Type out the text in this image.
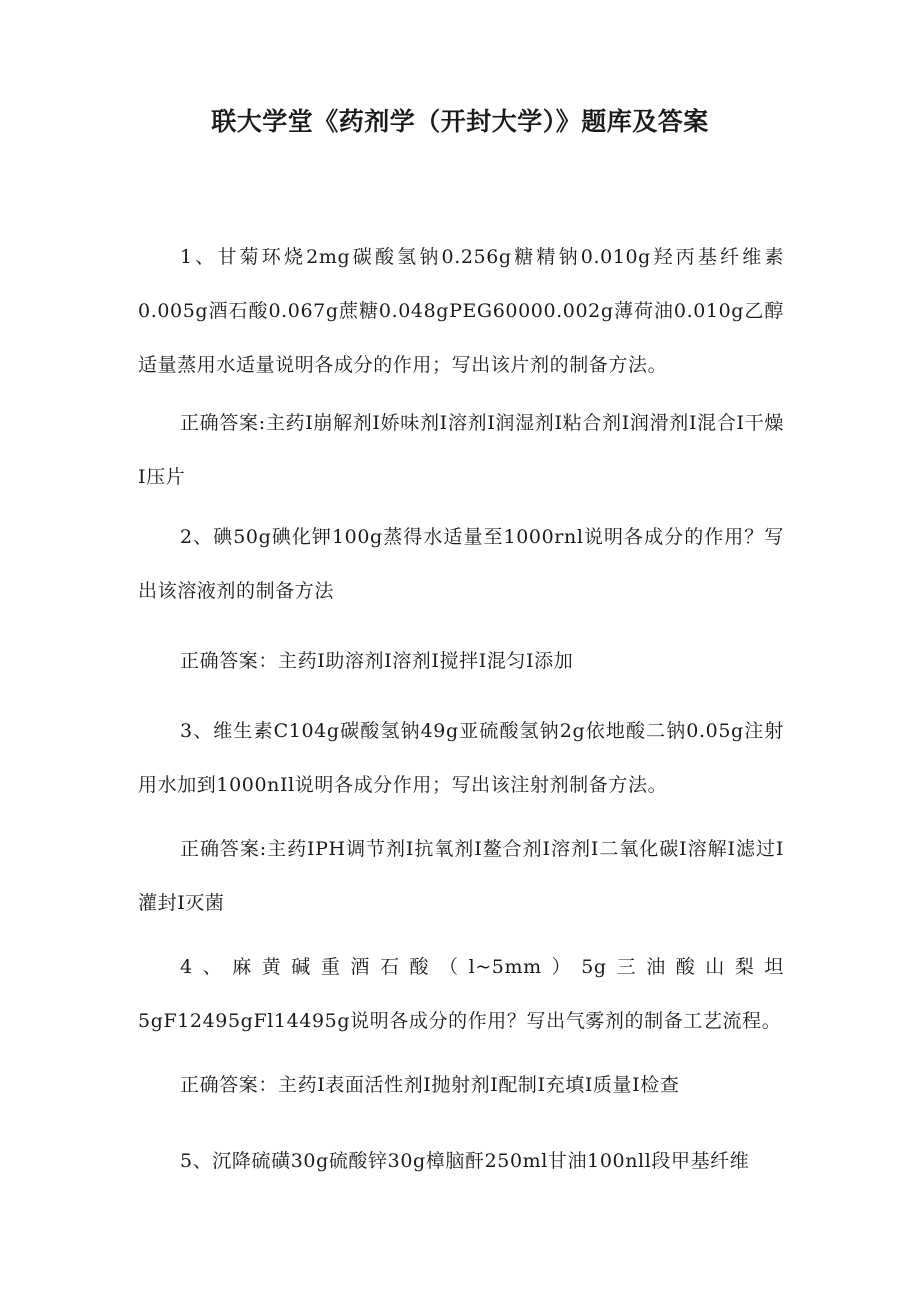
联大学堂《药剂学（开封大学）》题库及答案

1、甘菊环烧2mg碳酸氢钠0.256g糖精钠0.010g羟丙基纤维素0.005g酒石酸0.067g蔗糖0.048gPEG60000.002g薄荷油0.010g乙醇适量蒸用水适量说明各成分的作用；写出该片剂的制备方法。

正确答案:主药I崩解剂I娇味剂I溶剂I润湿剂I粘合剂I润滑剂I混合I干燥I压片

2、碘50g碘化钾100g蒸得水适量至1000rnl说明各成分的作用？写出该溶液剂的制备方法

正确答案：主药I助溶剂I溶剂I搅拌I混匀I添加

3、维生素C104g碳酸氢钠49g亚硫酸氢钠2g依地酸二钠0.05g注射用水加到1000nIl说明各成分作用；写出该注射剂制备方法。

正确答案:主药IPH调节剂I抗氧剂I鳌合剂I溶剂I二氧化碳I溶解I滤过I灌封I灭菌

4、麻黄碱重酒石酸（l~5mm）5g三油酸山梨坦5gF12495gFl14495g说明各成分的作用？写出气雾剂的制备工艺流程。

正确答案：主药I表面活性剂I抛射剂I配制I充填I质量I检查

5、沉降硫磺30g硫酸锌30g樟脑酐250ml甘油100nll段甲基纤维
